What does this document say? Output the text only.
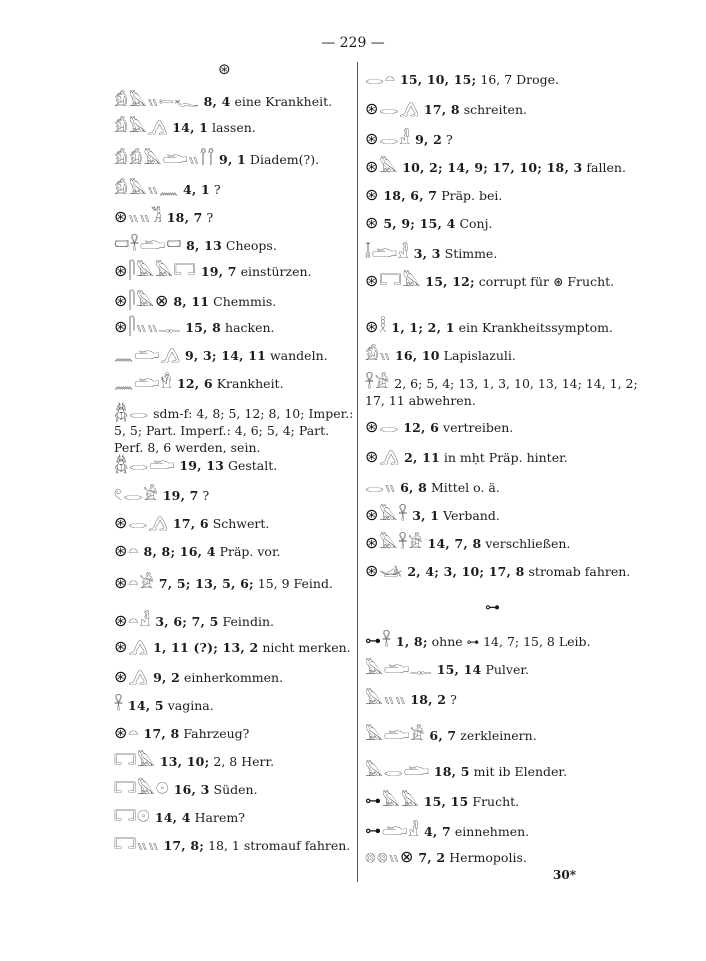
— 229 —
⊛
𓀁𓅓𓏭𓍿𓆑 8, 4 eine Krankheit.
𓀁𓅓𓂻 14, 1 lassen.
𓀁𓀁𓅓𓂧𓏭𓋾𓋾 9, 1 Diadem(?).
𓀁𓅓𓏭𓈖 4, 1 ?
⊛𓏭𓏭𓀢 18, 7 ?
𓍷𓋹𓂧𓍷 8, 13 Cheops.
⊛𓋴𓅓𓅓𓉐 19, 7 einstürzen.
⊛𓋴𓅓⊗ 8, 11 Chemmis.
⊛𓋴𓏭𓏭𓊃 15, 8 hacken.
𓈖𓂧𓂻 9, 3; 14, 11 wandeln.
𓈖𓂧𓁛 12, 6 Krankheit.
𓆣𓂋 sdm-f: 4, 8; 5, 12; 8, 10; Imper.: 5, 5; Part. Imperf.: 4, 6; 5, 4; Part. Perf. 8, 6 werden, sein.
𓆣𓂋𓂧 19, 13 Gestalt.
𓏲𓂋𓀀 19, 7 ?
⊛𓂋𓂻 17, 6 Schwert.
⊛𓏏 8, 8; 16, 4 Präp. vor.
⊛𓏏𓀀 7, 5; 13, 5, 6; 15, 9 Feind.
⊛𓏏𓁐 3, 6; 7, 5 Feindin.
⊛𓂻 1, 11 (?); 13, 2 nicht merken.
⊛𓂻 9, 2 einherkommen.
𓋹 14, 5 vagina.
⊛𓏏 17, 8 Fahrzeug?
𓉐𓅓 13, 10; 2, 8 Herr.
𓉐𓅓𓇳 16, 3 Süden.
𓉐𓇳 14, 4 Harem?
𓉐𓏭𓏭 17, 8; 18, 1 stromauf fahren.
⊶
𓂋𓏏 15, 10, 15; 16, 7 Droge.
⊛𓂋𓂻 17, 8 schreiten.
⊛𓂋𓁐 9, 2 ?
⊛𓅓 10, 2; 14, 9; 17, 10; 18, 3 fallen.
⊛ 18, 6, 7 Präp. bei.
⊛ 5, 9; 15, 4 Conj.
𓄤𓂧𓁐 3, 3 Stimme.
⊛𓉐𓅓 15, 12; corrupt für ⊛ Frucht.
⊛𓎛 1, 1; 2, 1 ein Krankheitssymptom.
𓀁𓏭 16, 10 Lapislazuli.
𓋹𓀀 2, 6; 5, 4; 13, 1, 3, 10, 13, 14; 14, 1, 2; 17, 11 abwehren.
⊛𓂋 12, 6 vertreiben.
⊛𓂻 2, 11 in mḥt Präp. hinter.
𓂋𓏭 6, 8 Mittel o. ä.
⊛𓅓𓋹 3, 1 Verband.
⊛𓅓𓋹𓀀 14, 7, 8 verschließen.
⊛𓊛 2, 4; 3, 10; 17, 8 stromab fahren.
⊶𓋹 1, 8; ohne ⊶ 14, 7; 15, 8 Leib.
𓅓𓂧𓊃 15, 14 Pulver.
𓅓𓏭𓏭 18, 2 ?
𓅓𓂧𓀀 6, 7 zerkleinern.
𓅓𓂋𓂧 18, 5 mit ib Elender.
⊶𓅓𓅓 15, 15 Frucht.
⊶𓂧𓁐 4, 7 einnehmen.
𓊖𓊖𓏭⊗ 7, 2 Hermopolis.
30*
